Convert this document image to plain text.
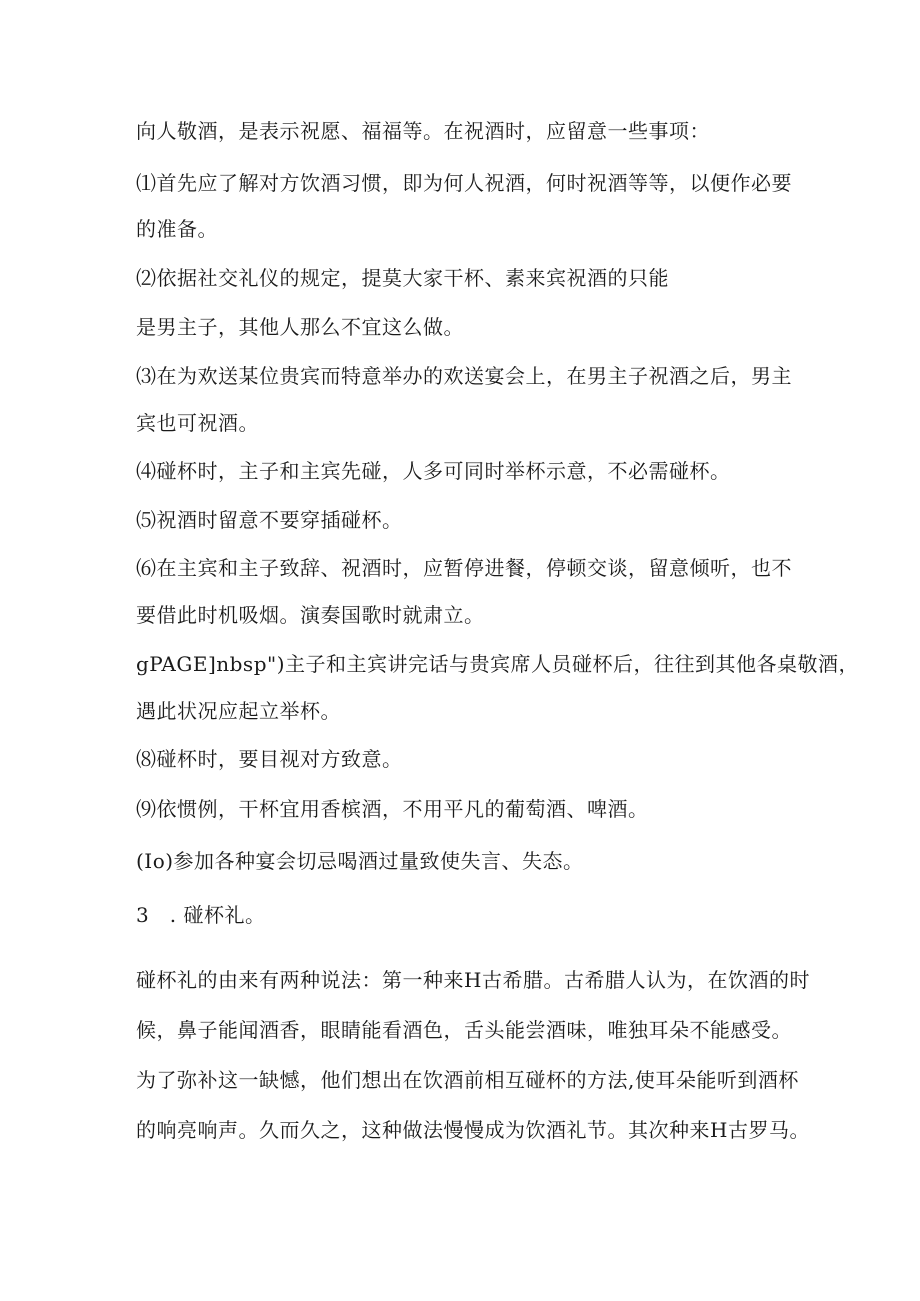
向人敬酒，是表示祝愿、福福等。在祝酒时，应留意一些事项：

⑴首先应了解对方饮酒习惯，即为何人祝酒，何时祝酒等等，以便作必要

的准备。

⑵依据社交礼仪的规定，提莫大家干杯、素来宾祝酒的只能

是男主子，其他人那么不宜这么做。

⑶在为欢送某位贵宾而特意举办的欢送宴会上，在男主子祝酒之后，男主

宾也可祝酒。

⑷碰杯时，主子和主宾先碰，人多可同时举杯示意，不必需碰杯。

⑸祝酒时留意不要穿插碰杯。

⑹在主宾和主子致辞、祝酒时，应暂停进餐，停顿交谈，留意倾听，也不

要借此时机吸烟。演奏国歌时就肃立。

gPAGE]nbsp")主子和主宾讲完话与贵宾席人员碰杯后，往往到其他各桌敬酒，

遇此状况应起立举杯。

⑻碰杯时，要目视对方致意。

⑼依惯例，干杯宜用香槟酒，不用平凡的葡萄酒、啤酒。

(Io)参加各种宴会切忌喝酒过量致使失言、失态。

3　. 碰杯礼。

碰杯礼的由来有两种说法：第一种来H古希腊。古希腊人认为，在饮酒的时

候，鼻子能闻酒香，眼睛能看酒色，舌头能尝酒味，唯独耳朵不能感受。

为了弥补这一缺憾，他们想出在饮酒前相互碰杯的方法,使耳朵能听到酒杯

的响亮响声。久而久之，这种做法慢慢成为饮酒礼节。其次种来H古罗马。
